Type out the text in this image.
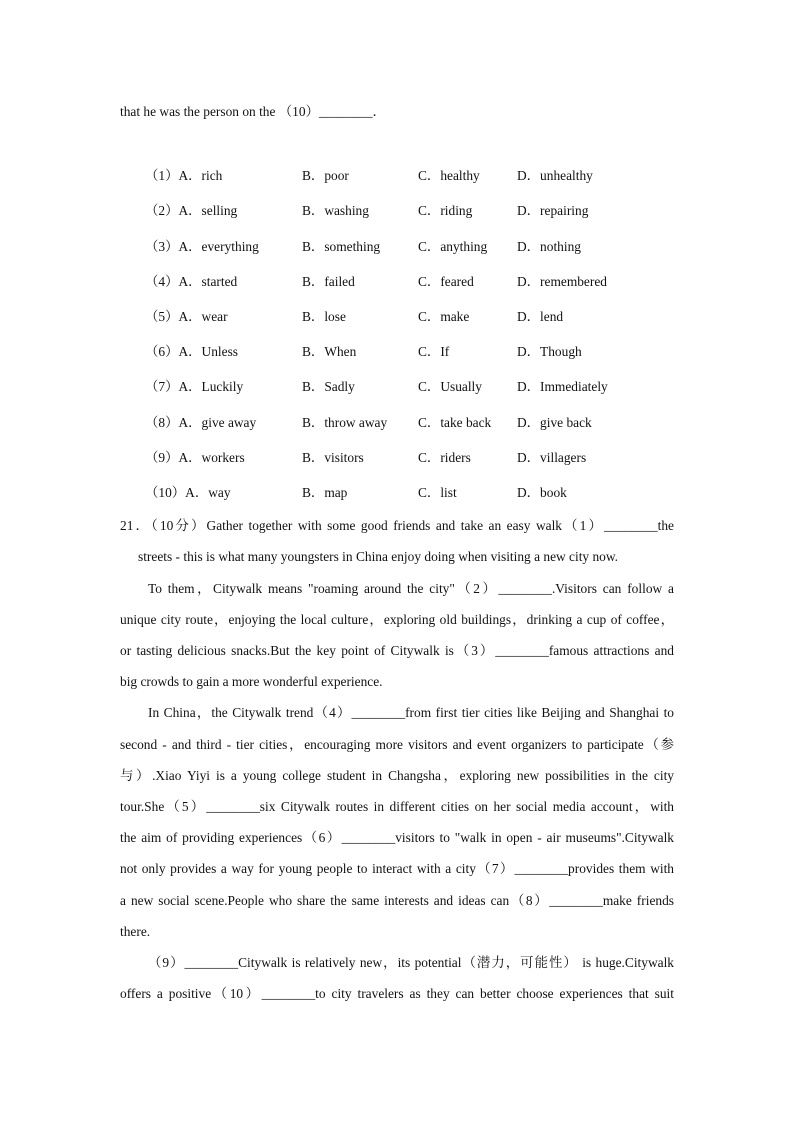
that he was the person on the （10）________．
（1）A．rich	B．poor	C．healthy	D．unhealthy
（2）A．selling	B．washing	C．riding	D．repairing
（3）A．everything	B．something	C．anything D．nothing
（4）A．started	B．failed	C．feared	D．remembered
（5）A．wear	B．lose	C．make	D．lend
（6）A．Unless	B．When	C．If	D．Though
（7）A．Luckily	B．Sadly	C．Usually	D．Immediately
（8）A．give away	B．throw away C．take back D．give back
（9）A．workers	B．visitors	C．riders	D．villagers
（10）A．way	B．map	C．list	D．book
21．（10分）Gather together with some good friends and take an easy walk（1）________the
streets - this is what many youngsters in China enjoy doing when visiting a new city now.
To them，Citywalk means "roaming around the city"（2）________.Visitors can follow a
unique city route，enjoying the local culture，exploring old buildings，drinking a cup of coffee，
or tasting delicious snacks.But the key point of Citywalk is（3）________famous attractions and
big crowds to gain a more wonderful experience.
In China，the Citywalk trend（4）________from first tier cities like Beijing and Shanghai to
second - and third - tier cities，encouraging more visitors and event organizers to participate（参
与）.Xiao Yiyi is a young college student in Changsha，exploring new possibilities in the city
tour.She（5）________six Citywalk routes in different cities on her social media account，with
the aim of providing experiences（6）________visitors to "walk in open - air museums".Citywalk
not only provides a way for young people to interact with a city（7）________provides them with
a new social scene.People who share the same interests and ideas can（8）________make friends
there.
（9）________Citywalk is relatively new，its potential（潜力，可能性） is huge.Citywalk
offers a positive（10）________to city travelers as they can better choose experiences that suit
